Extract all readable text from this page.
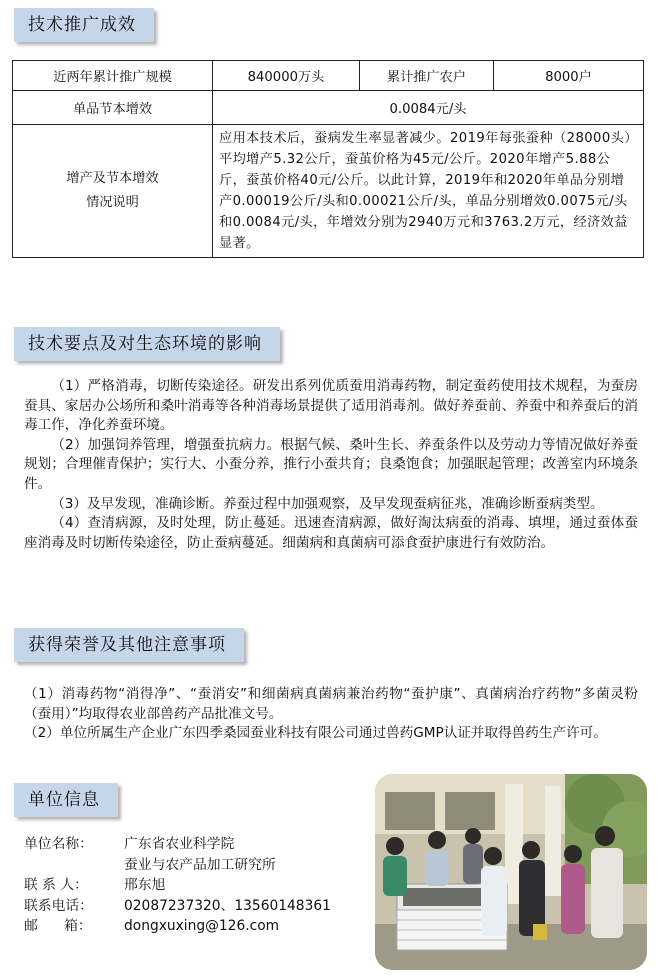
技术推广成效
近两年累计推广规模	840000万头	累计推广农户	8000户
单品节本增效	0.0084元/头		

增产及节本增效
情况说明	应用本技术后，蚕病发生率显著减少。2019年每张蚕种（28000头）平均增产5.32公斤，蚕茧价格为45元/公斤。2020年增产5.88公斤，蚕茧价格40元/公斤。以此计算，2019年和2020年单品分别增产0.00019公斤/头和0.00021公斤/头，单品分别增效0.0075元/头和0.0084元/头，年增效分别为2940万元和3763.2万元，经济效益显著。		
技术要点及对生态环境的影响

（1）严格消毒，切断传染途径。研发出系列优质蚕用消毒药物，制定蚕药使用技术规程，为蚕房蚕具、家居办公场所和桑叶消毒等各种消毒场景提供了适用消毒剂。做好养蚕前、养蚕中和养蚕后的消毒工作，净化养蚕环境。

（2）加强饲养管理，增强蚕抗病力。根据气候、桑叶生长、养蚕条件以及劳动力等情况做好养蚕规划；合理催青保护；实行大、小蚕分养，推行小蚕共育；良桑饱食；加强眠起管理；改善室内环境条件。

（3）及早发现，准确诊断。养蚕过程中加强观察，及早发现蚕病征兆，准确诊断蚕病类型。

（4）查清病源，及时处理，防止蔓延。迅速查清病源，做好淘汰病蚕的消毒、填埋，通过蚕体蚕座消毒及时切断传染途径，防止蚕病蔓延。细菌病和真菌病可添食蚕护康进行有效防治。

获得荣誉及其他注意事项

（1）消毒药物“消得净”、“蚕消安”和细菌病真菌病兼治药物“蚕护康”、真菌病治疗药物“多菌灵粉（蚕用）”均取得农业部兽药产品批准文号。

（2）单位所属生产企业广东四季桑园蚕业科技有限公司通过兽药GMP认证并取得兽药生产许可。

单位信息
单位名称：	广东省农业科学院
蚕业与农产品加工研究所
联 系 人：	邢东旭
联系电话：	02087237320、13560148361
邮      箱：	dongxuxing@126.com
